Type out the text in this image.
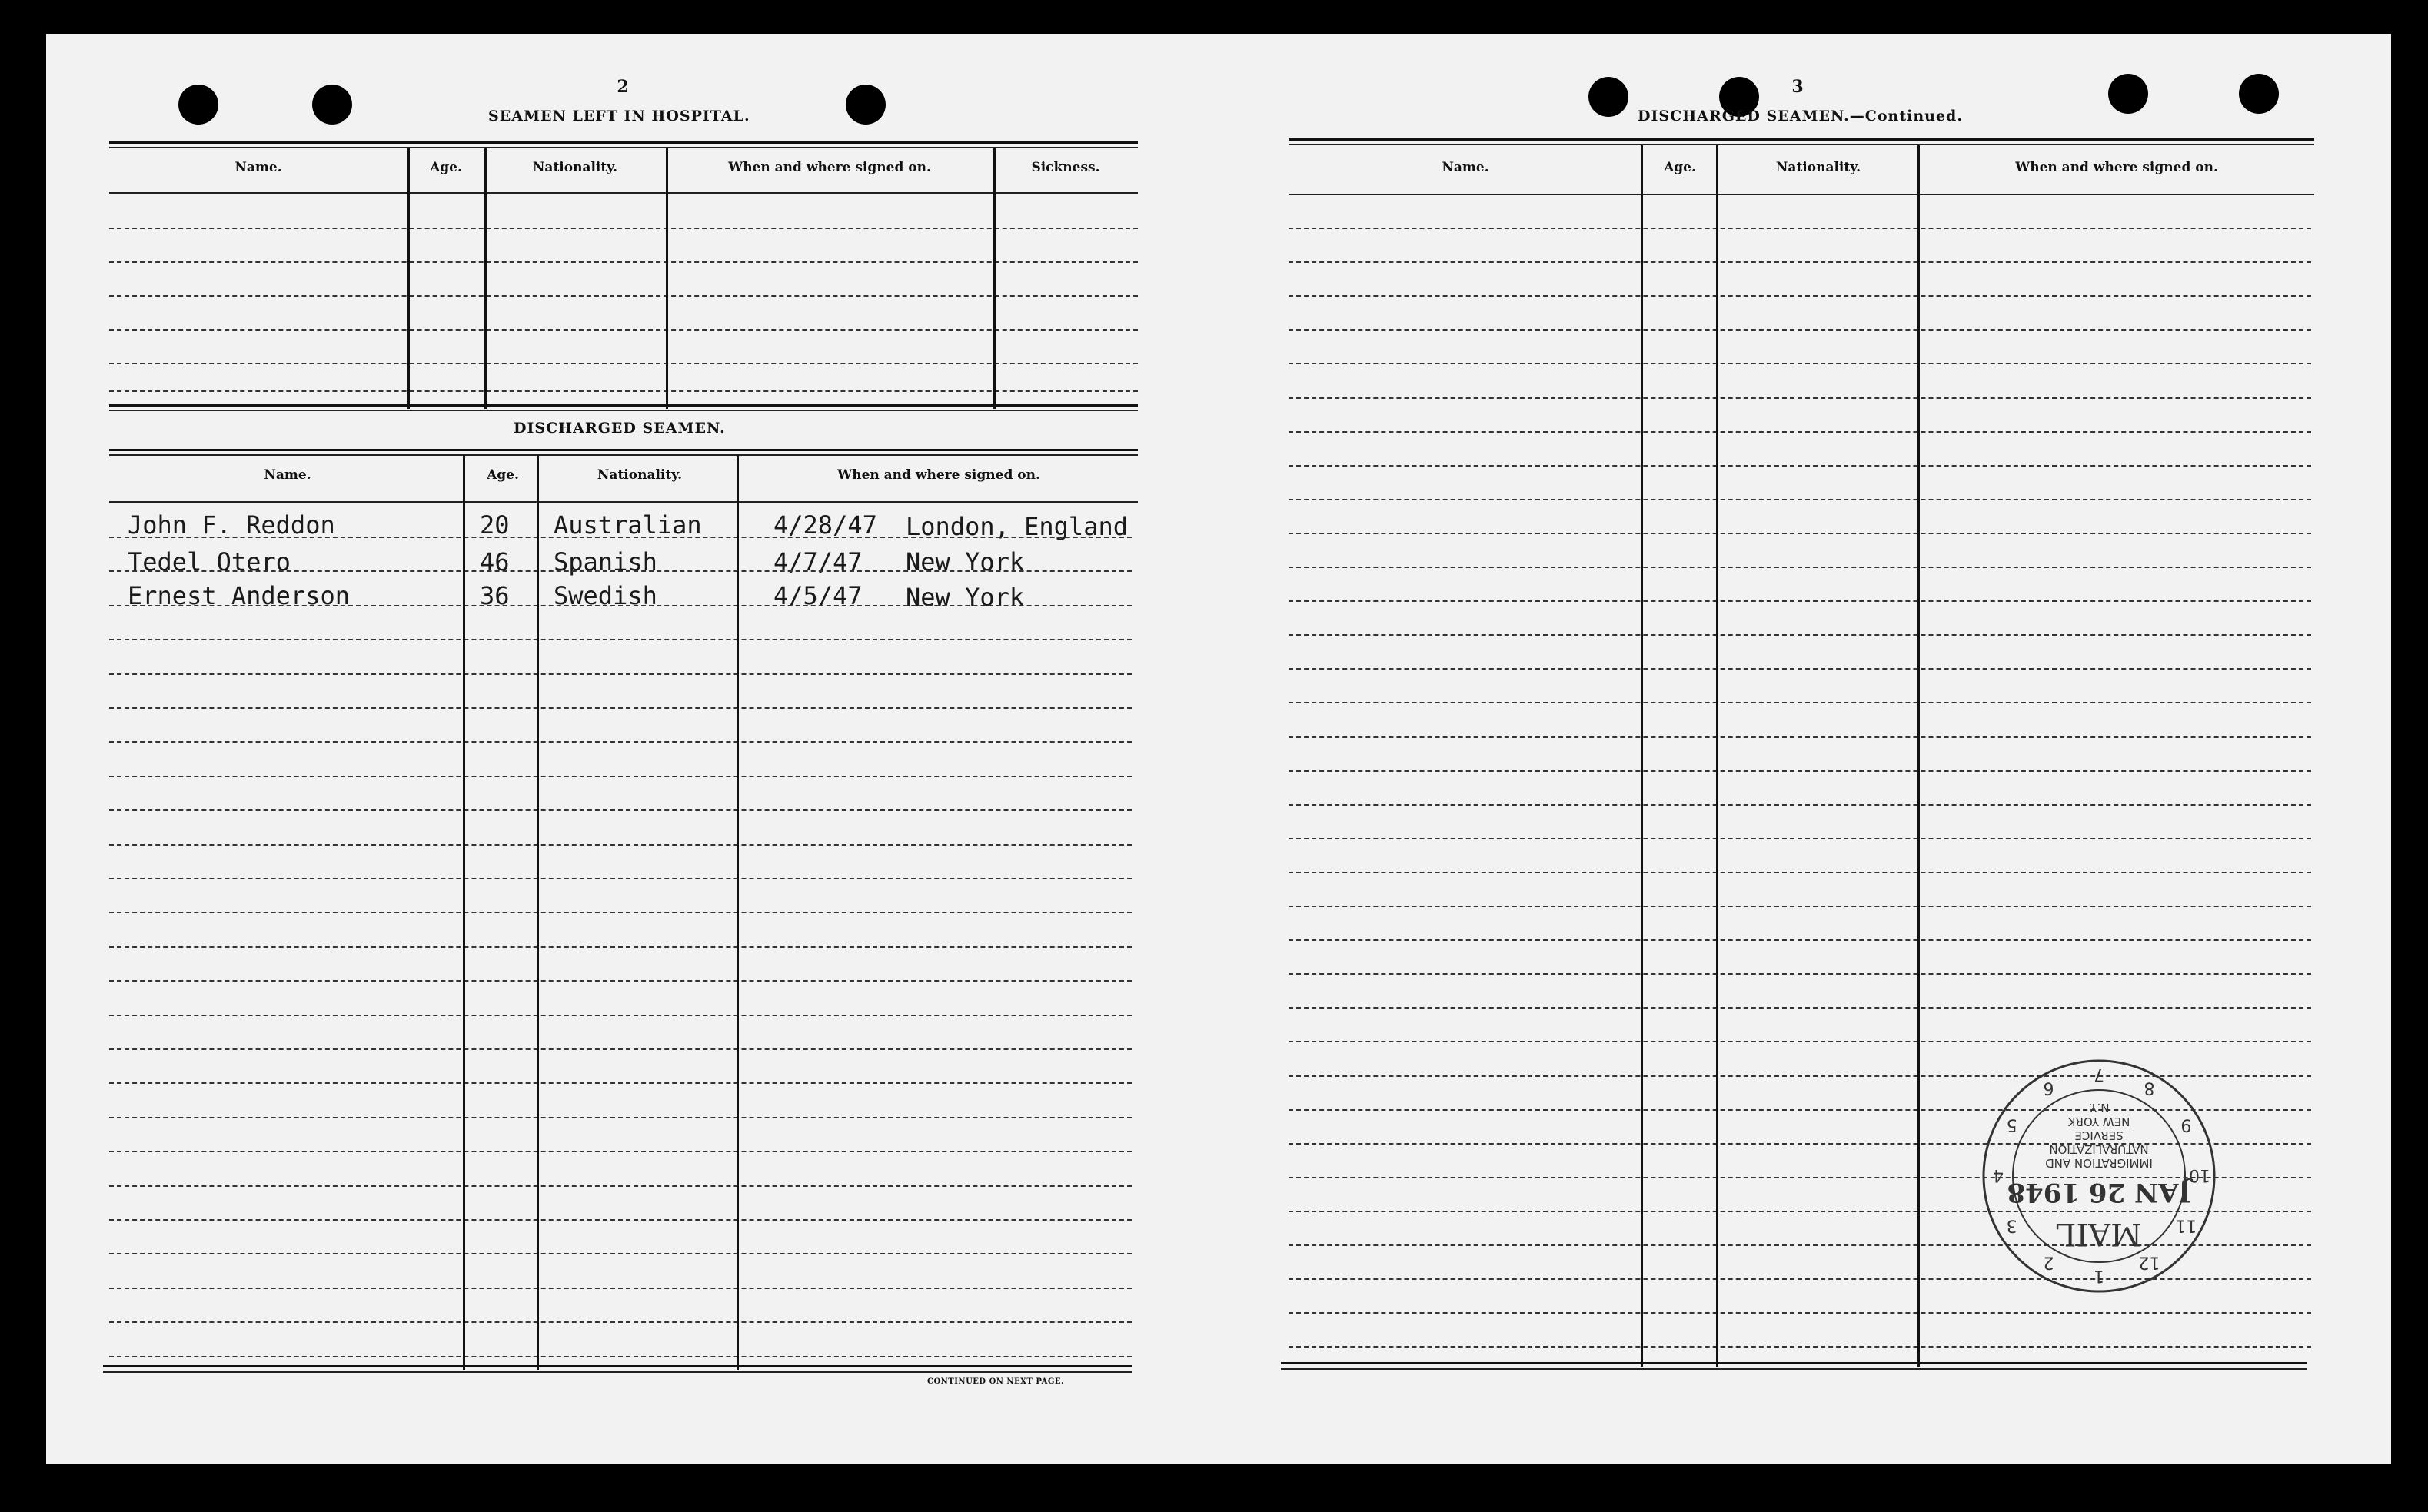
2
SEAMEN LEFT IN HOSPITAL.
Name.	Age.	Nationality.	When and where signed on.	Sickness.
DISCHARGED SEAMEN.
Name.	Age.	Nationality.	When and where signed on.
John F. Reddon	20 Australian	4/28/47 London, England
Tedel Otero	46 Spanish	4/7/47 New York
Ernest Anderson	36 Swedish	4/5/47 New York
CONTINUED ON NEXT PAGE.
3
DISCHARGED SEAMEN.—Continued.
Name.	Age.	Nationality.	When and where signed on.
MAIL
JAN 26 1948
IMMIGRATION AND
NATURALIZATION
SERVICE
NEW YORK
N.Y.
1
2
3
4
5
6
7
8
9
10
11
12
